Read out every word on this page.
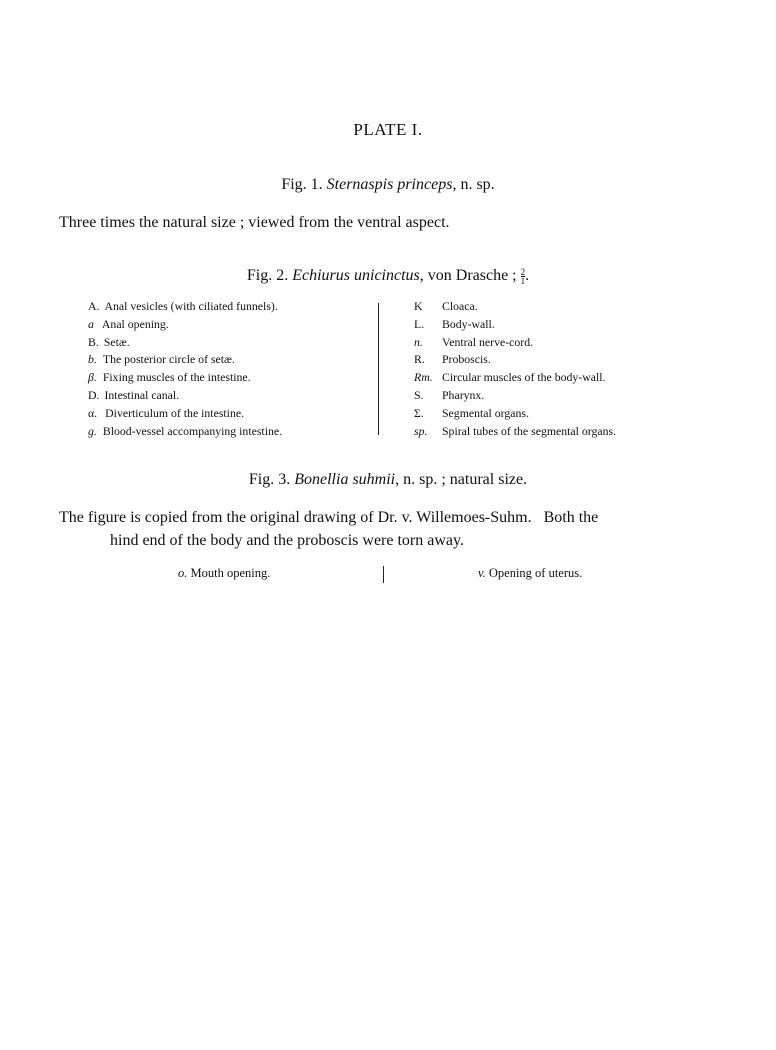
PLATE I.
Fig. 1. Sternaspis princeps, n. sp.
Three times the natural size ; viewed from the ventral aspect.
Fig. 2. Echiurus unicinctus, von Drasche ; $\frac{2}{1}$ .
A. Anal vesicles (with ciliated funnels).
a Anal opening.
B. Setæ.
b. The posterior circle of setæ.
β. Fixing muscles of the intestine.
D. Intestinal canal.
α. Diverticulum of the intestine.
g. Blood-vessel accompanying intestine.
K Cloaca.
L. Body-wall.
n. Ventral nerve-cord.
R. Proboscis.
Rm. Circular muscles of the body-wall.
S. Pharynx.
Σ. Segmental organs.
sp. Spiral tubes of the segmental organs.
Fig. 3. Bonellia suhmii, n. sp. ; natural size.
The figure is copied from the original drawing of Dr. v. Willemoes-Suhm.   Both the
hind end of the body and the proboscis were torn away.
o. Mouth opening.	v. Opening of uterus.
